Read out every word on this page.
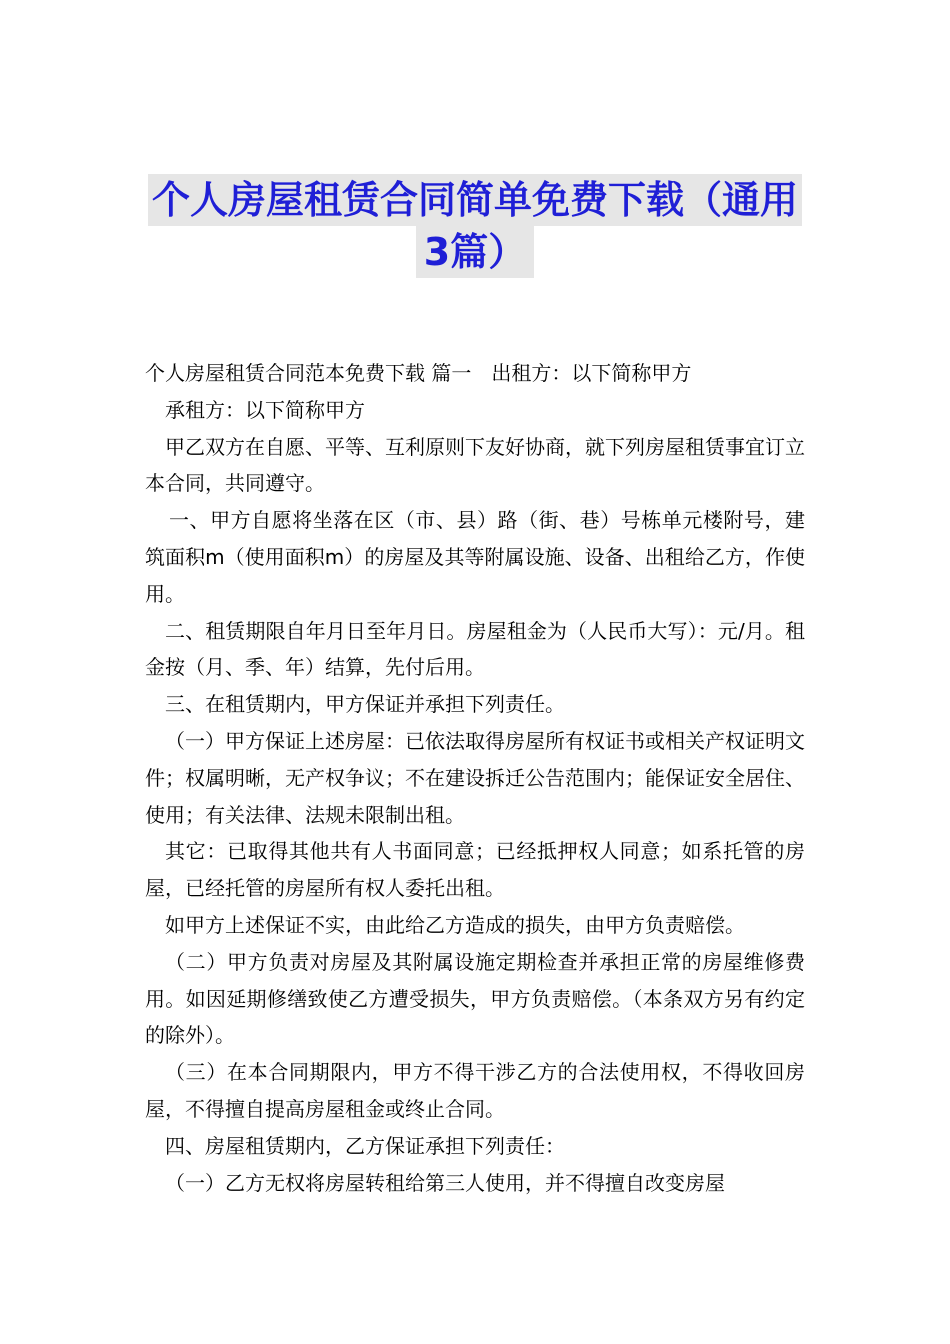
个人房屋租赁合同简单免费下载（通用
3篇）

个人房屋租赁合同范本免费下载 篇一　出租方：以下简称甲方

承租方：以下简称甲方

甲乙双方在自愿、平等、互利原则下友好协商，就下列房屋租赁事宜订立本合同，共同遵守。

一、甲方自愿将坐落在区（市、县）路（街、巷）号栋单元楼附号，建筑面积m（使用面积m）的房屋及其等附属设施、设备、出租给乙方，作使用。

二、租赁期限自年月日至年月日。房屋租金为（人民币大写）：元/月。租金按（月、季、年）结算，先付后用。

三、在租赁期内，甲方保证并承担下列责任。

（一）甲方保证上述房屋：已依法取得房屋所有权证书或相关产权证明文件；权属明晰，无产权争议；不在建设拆迁公告范围内；能保证安全居住、使用；有关法律、法规未限制出租。

其它：已取得其他共有人书面同意；已经抵押权人同意；如系托管的房屋，已经托管的房屋所有权人委托出租。

如甲方上述保证不实，由此给乙方造成的损失，由甲方负责赔偿。

（二）甲方负责对房屋及其附属设施定期检查并承担正常的房屋维修费用。如因延期修缮致使乙方遭受损失，甲方负责赔偿。（本条双方另有约定的除外）。

（三）在本合同期限内，甲方不得干涉乙方的合法使用权，不得收回房屋，不得擅自提高房屋租金或终止合同。

四、房屋租赁期内，乙方保证承担下列责任：

（一）乙方无权将房屋转租给第三人使用，并不得擅自改变房屋
